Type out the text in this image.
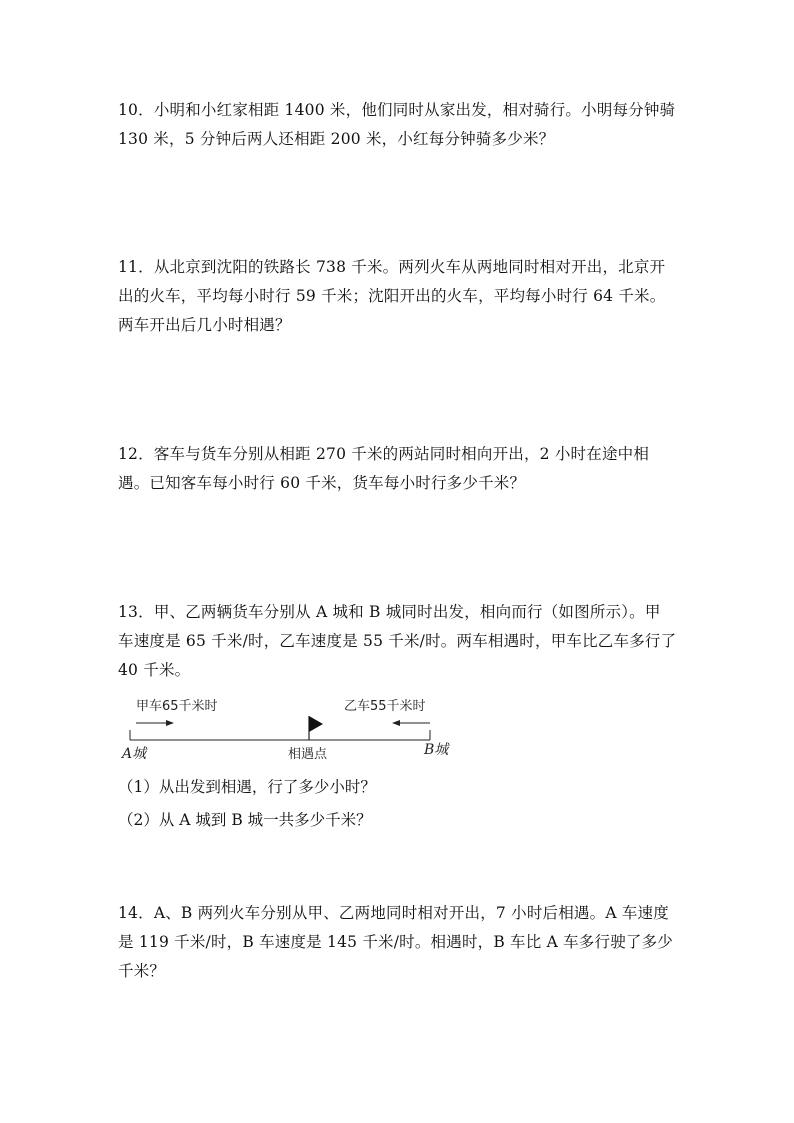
10．小明和小红家相距 1400 米，他们同时从家出发，相对骑行。小明每分钟骑

130 米，5 分钟后两人还相距 200 米，小红每分钟骑多少米？

11．从北京到沈阳的铁路长 738 千米。两列火车从两地同时相对开出，北京开

出的火车，平均每小时行 59 千米；沈阳开出的火车，平均每小时行 64 千米。

两车开出后几小时相遇？

12．客车与货车分别从相距 270 千米的两站同时相向开出，2 小时在途中相

遇。已知客车每小时行 60 千米，货车每小时行多少千米？

13．甲、乙两辆货车分别从 A 城和 B 城同时出发，相向而行（如图所示）。甲

车速度是 65 千米/时，乙车速度是 55 千米/时。两车相遇时，甲车比乙车多行了

40 千米。

甲车65千米时	乙车55千米时
A城	相遇点	B城
（1）从出发到相遇，行了多少小时？
（2）从 A 城到 B 城一共多少千米？

14．A、B 两列火车分别从甲、乙两地同时相对开出，7 小时后相遇。A 车速度

是 119 千米/时，B 车速度是 145 千米/时。相遇时，B 车比 A 车多行驶了多少

千米？
